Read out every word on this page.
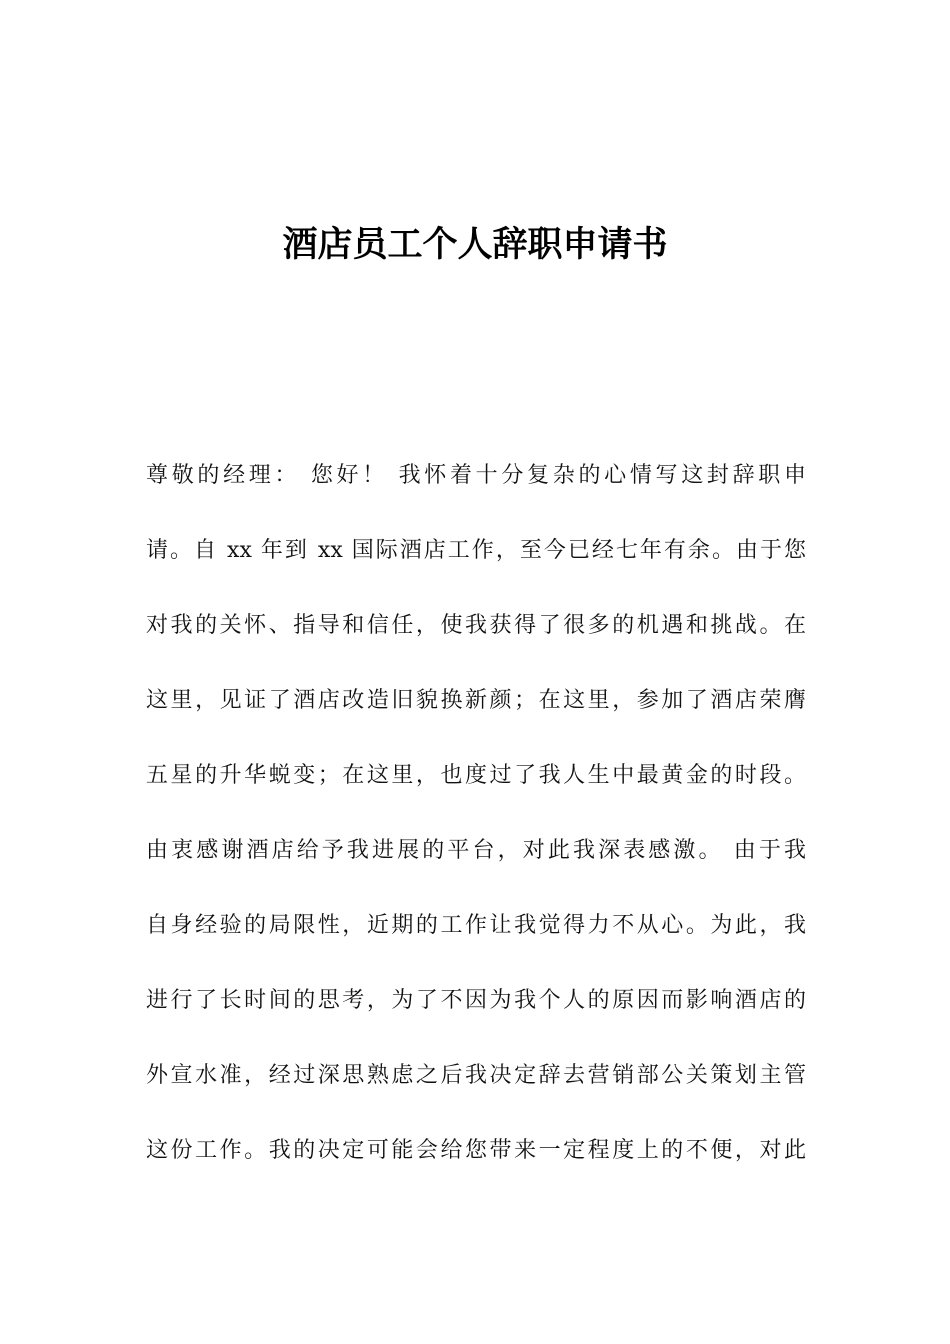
酒店员工个人辞职申请书
尊敬的经理： 您好！ 我怀着十分复杂的心情写这封辞职申
请。自 xx 年到 xx 国际酒店工作，至今已经七年有余。由于您
对我的关怀、指导和信任，使我获得了很多的机遇和挑战。在
这里，见证了酒店改造旧貌换新颜；在这里，参加了酒店荣膺
五星的升华蜕变；在这里，也度过了我人生中最黄金的时段。
由衷感谢酒店给予我进展的平台，对此我深表感激。 由于我
自身经验的局限性，近期的工作让我觉得力不从心。为此，我
进行了长时间的思考，为了不因为我个人的原因而影响酒店的
外宣水准，经过深思熟虑之后我决定辞去营销部公关策划主管
这份工作。我的决定可能会给您带来一定程度上的不便，对此
